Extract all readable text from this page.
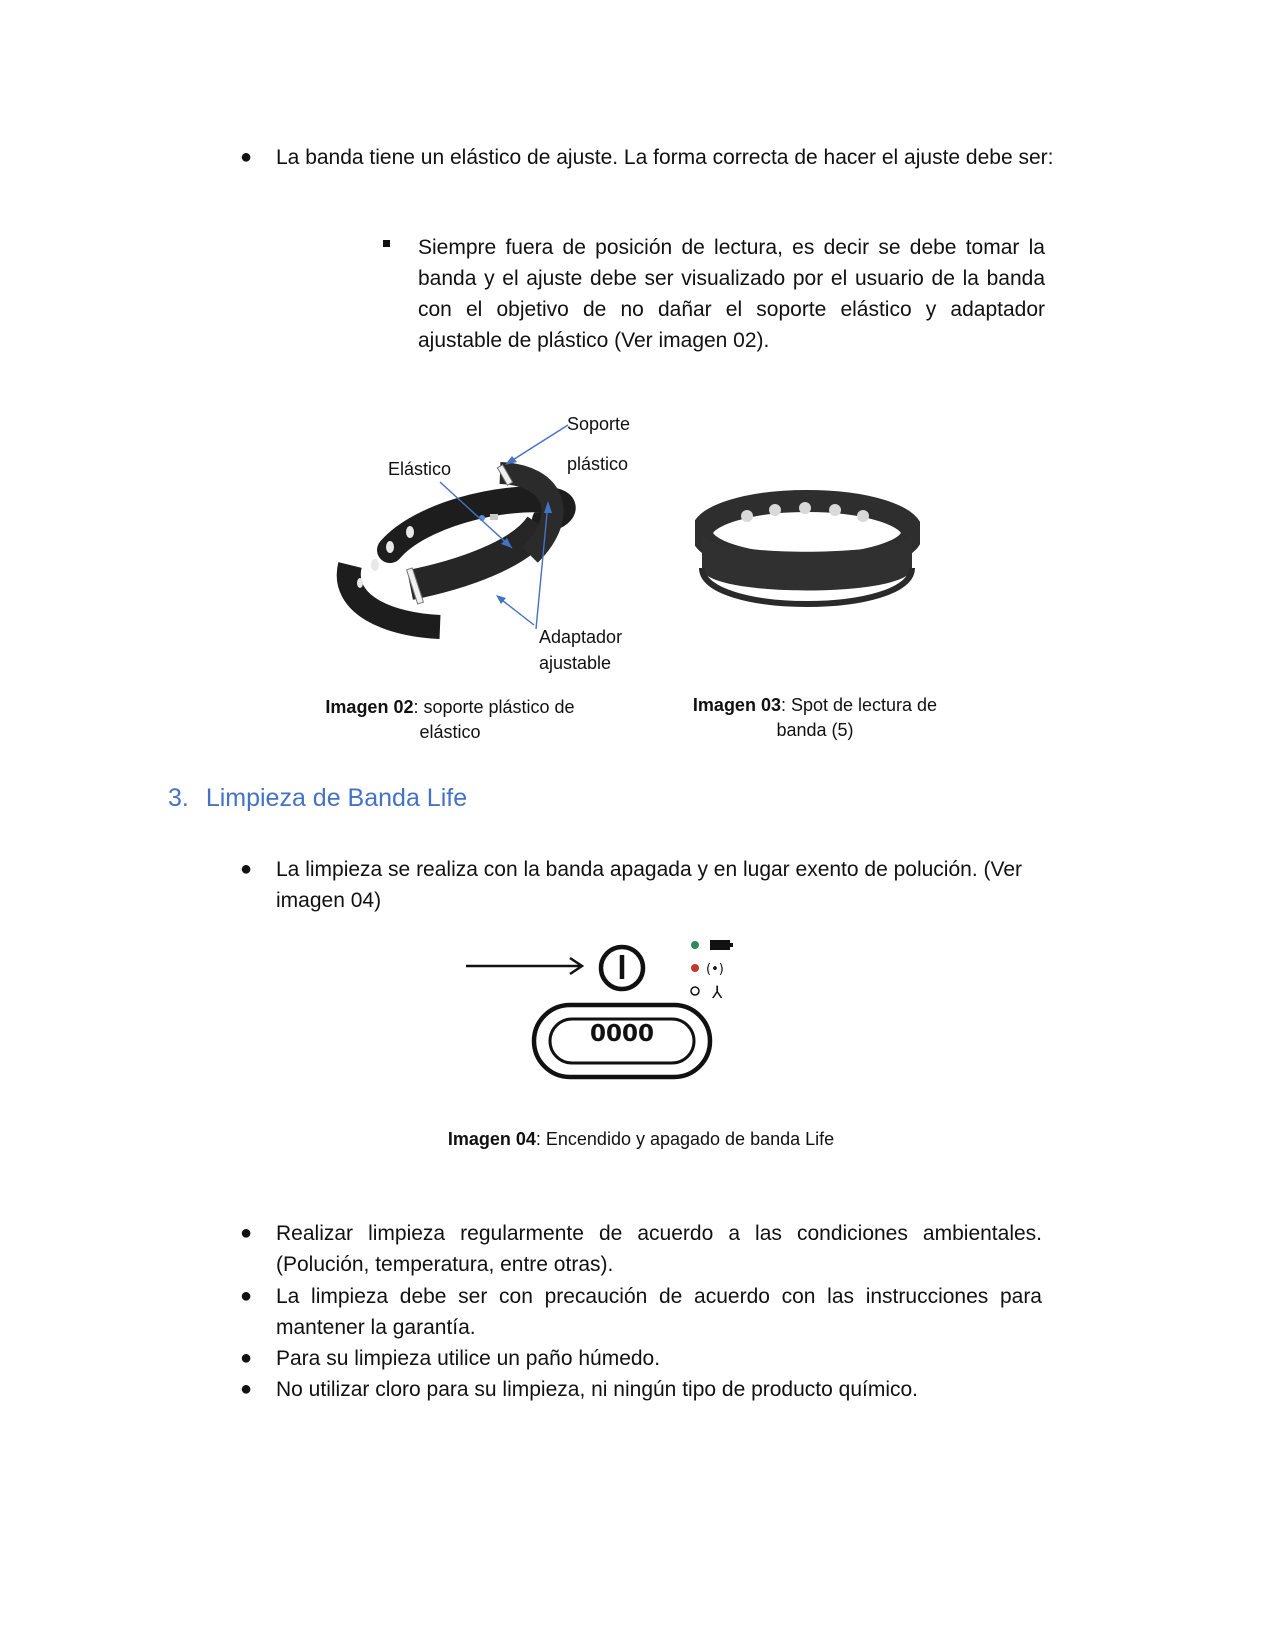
● La banda tiene un elástico de ajuste. La forma correcta de hacer el ajuste debe ser:
Siempre fuera de posición de lectura, es decir se debe tomar la banda y el ajuste debe ser visualizado por el usuario de la banda con el objetivo de no dañar el soporte elástico y adaptador ajustable de plástico (Ver imagen 02).
Soporte
plástico
Elástico
Adaptador
ajustable
Imagen 02: soporte plástico de
elástico
Imagen 03: Spot de lectura de
banda (5)
3. Limpieza de Banda Life
● La limpieza se realiza con la banda apagada y en lugar exento de polución. (Ver imagen 04)
(•)
⅄
0000
Imagen 04: Encendido y apagado de banda Life
● Realizar limpieza regularmente de acuerdo a las condiciones ambientales. (Polución, temperatura, entre otras).
● La limpieza debe ser con precaución de acuerdo con las instrucciones para mantener la garantía.
● Para su limpieza utilice un paño húmedo.
● No utilizar cloro para su limpieza, ni ningún tipo de producto químico.
